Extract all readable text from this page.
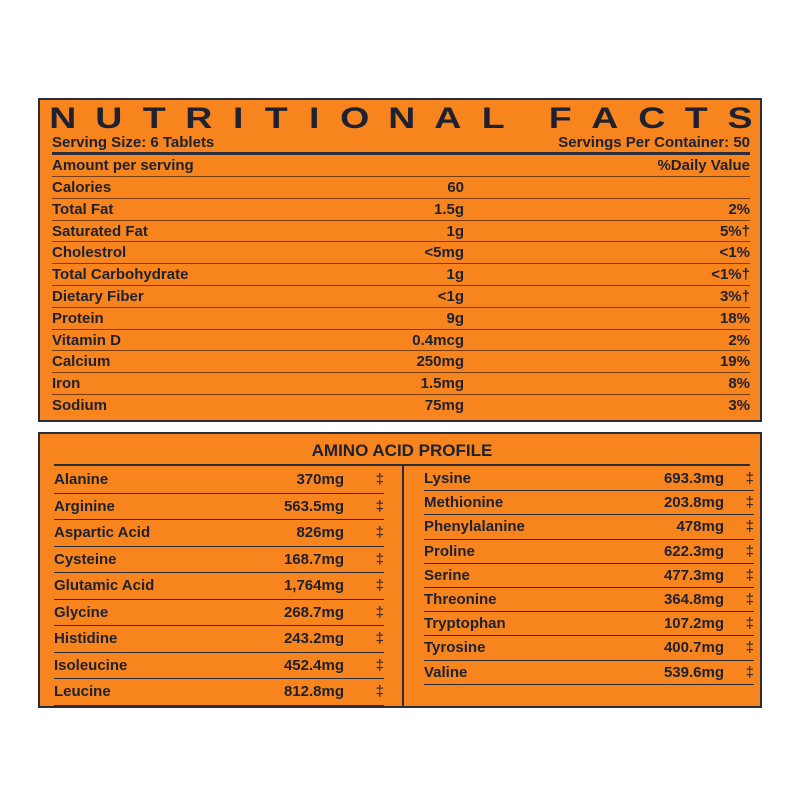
N U T R I T I O N A L F A C T S
Serving Size: 6 Tablets	Servings Per Container: 50
Amount per serving	%Daily Value
Calories	60
Total Fat	1.5g	2%
Saturated Fat	1g	5%†
Cholestrol	<5mg	<1%
Total Carbohydrate	1g	<1%†
Dietary Fiber	<1g	3%†
Protein	9g	18%
Vitamin D	0.4mcg	2%
Calcium	250mg	19%
Iron	1.5mg	8%
Sodium	75mg	3%
AMINO ACID PROFILE
Alanine	370mg	‡
Arginine	563.5mg	‡
Aspartic Acid	826mg	‡
Cysteine	168.7mg	‡
Glutamic Acid	1,764mg	‡
Glycine	268.7mg	‡
Histidine	243.2mg	‡
Isoleucine	452.4mg	‡
Leucine	812.8mg	‡
Lysine	693.3mg	‡
Methionine	203.8mg	‡
Phenylalanine	478mg	‡
Proline	622.3mg	‡
Serine	477.3mg	‡
Threonine	364.8mg	‡
Tryptophan	107.2mg	‡
Tyrosine	400.7mg	‡
Valine	539.6mg	‡
